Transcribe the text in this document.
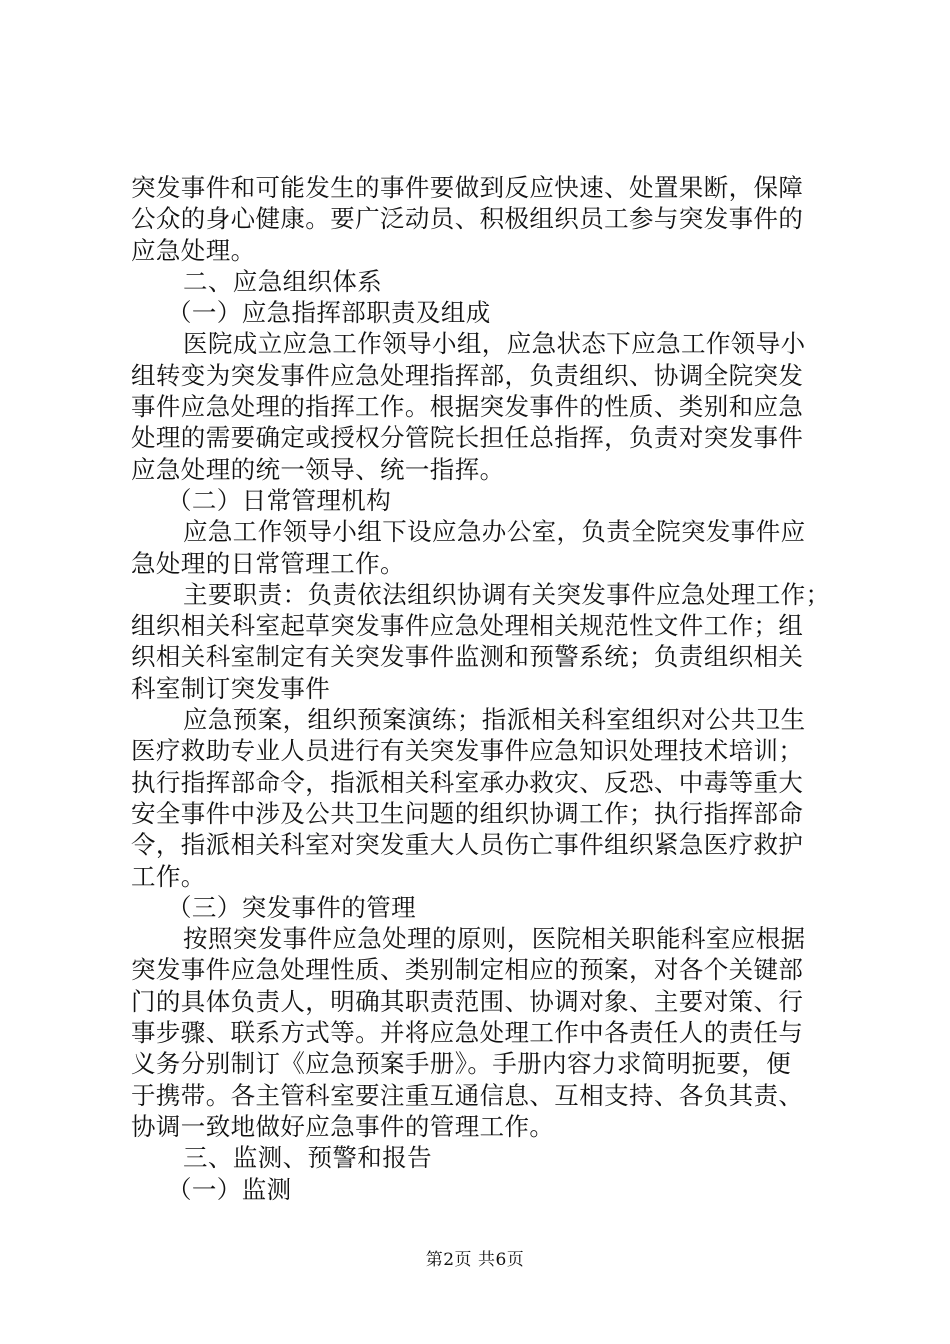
突发事件和可能发生的事件要做到反应快速、处置果断，保障
公众的身心健康。要广泛动员、积极组织员工参与突发事件的
应急处理。
二、应急组织体系
（一）应急指挥部职责及组成
医院成立应急工作领导小组，应急状态下应急工作领导小
组转变为突发事件应急处理指挥部，负责组织、协调全院突发
事件应急处理的指挥工作。根据突发事件的性质、类别和应急
处理的需要确定或授权分管院长担任总指挥，负责对突发事件
应急处理的统一领导、统一指挥。
（二）日常管理机构
应急工作领导小组下设应急办公室，负责全院突发事件应
急处理的日常管理工作。
主要职责：负责依法组织协调有关突发事件应急处理工作；
组织相关科室起草突发事件应急处理相关规范性文件工作；组
织相关科室制定有关突发事件监测和预警系统；负责组织相关
科室制订突发事件
应急预案，组织预案演练；指派相关科室组织对公共卫生
医疗救助专业人员进行有关突发事件应急知识处理技术培训；
执行指挥部命令，指派相关科室承办救灾、反恐、中毒等重大
安全事件中涉及公共卫生问题的组织协调工作；执行指挥部命
令，指派相关科室对突发重大人员伤亡事件组织紧急医疗救护
工作。
（三）突发事件的管理
按照突发事件应急处理的原则，医院相关职能科室应根据
突发事件应急处理性质、类别制定相应的预案，对各个关键部
门的具体负责人，明确其职责范围、协调对象、主要对策、行
事步骤、联系方式等。并将应急处理工作中各责任人的责任与
义务分别制订《应急预案手册》。手册内容力求简明扼要，便
于携带。各主管科室要注重互通信息、互相支持、各负其责、
协调一致地做好应急事件的管理工作。
三、监测、预警和报告
（一）监测
第2页 共6页
